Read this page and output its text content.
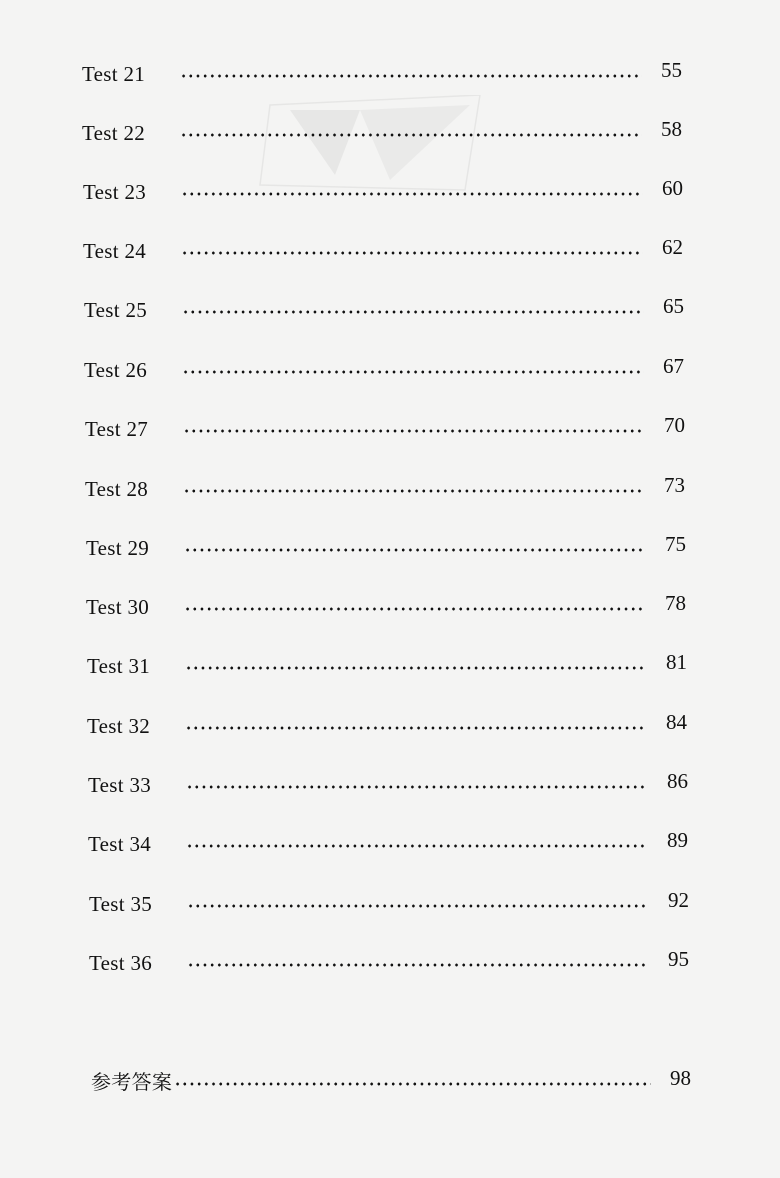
Test 21	55
Test 22	58
Test 23	60
Test 24	62
Test 25	65
Test 26	67
Test 27	70
Test 28	73
Test 29	75
Test 30	78
Test 31	81
Test 32	84
Test 33	86
Test 34	89
Test 35	92
Test 36	95
参考答案	98
